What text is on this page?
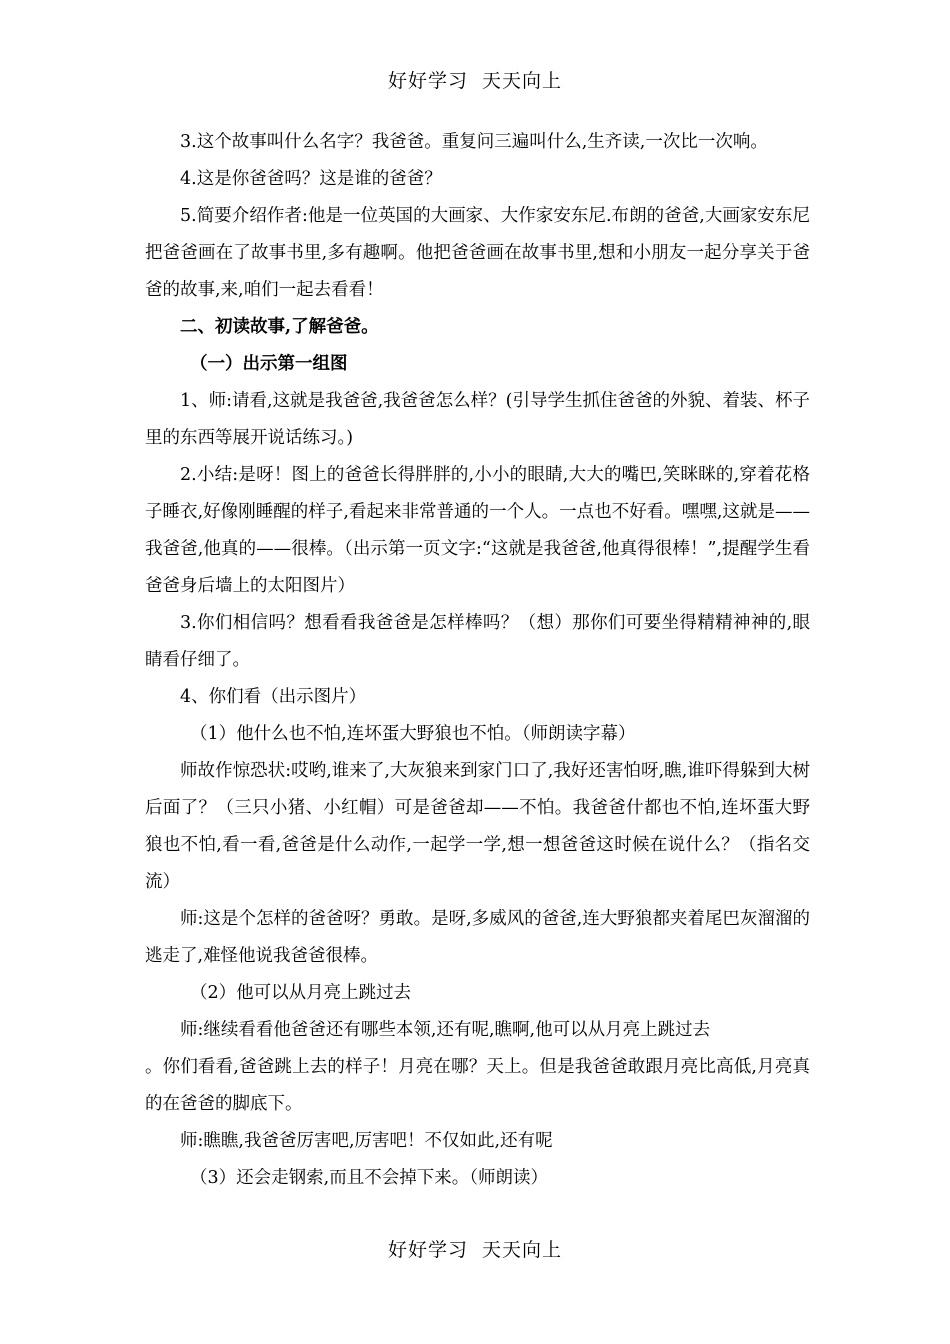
好好学习  天天向上

3.这个故事叫什么名字？我爸爸。重复问三遍叫什么,生齐读,一次比一次响。

4.这是你爸爸吗？这是谁的爸爸？

5.简要介绍作者:他是一位英国的大画家、大作家安东尼.布朗的爸爸,大画家安东尼把爸爸画在了故事书里,多有趣啊。他把爸爸画在故事书里,想和小朋友一起分享关于爸爸的故事,来,咱们一起去看看！

二、初读故事,了解爸爸。

（一）出示第一组图

1、师:请看,这就是我爸爸,我爸爸怎么样？(引导学生抓住爸爸的外貌、着装、杯子里的东西等展开说话练习。)

2.小结:是呀！图上的爸爸长得胖胖的,小小的眼睛,大大的嘴巴,笑眯眯的,穿着花格子睡衣,好像刚睡醒的样子,看起来非常普通的一个人。一点也不好看。嘿嘿,这就是——我爸爸,他真的——很棒。（出示第一页文字:“这就是我爸爸,他真得很棒！”,提醒学生看爸爸身后墙上的太阳图片）

3.你们相信吗？想看看我爸爸是怎样棒吗？（想）那你们可要坐得精精神神的,眼睛看仔细了。

4、你们看（出示图片）

（1）他什么也不怕,连坏蛋大野狼也不怕。（师朗读字幕）

师故作惊恐状:哎哟,谁来了,大灰狼来到家门口了,我好还害怕呀,瞧,谁吓得躲到大树后面了？（三只小猪、小红帽）可是爸爸却——不怕。我爸爸什都也不怕,连坏蛋大野狼也不怕,看一看,爸爸是什么动作,一起学一学,想一想爸爸这时候在说什么？（指名交流）

师:这是个怎样的爸爸呀？勇敢。是呀,多威风的爸爸,连大野狼都夹着尾巴灰溜溜的逃走了,难怪他说我爸爸很棒。

（2）他可以从月亮上跳过去

师:继续看看他爸爸还有哪些本领,还有呢,瞧啊,他可以从月亮上跳过去

。你们看看,爸爸跳上去的样子！月亮在哪？天上。但是我爸爸敢跟月亮比高低,月亮真的在爸爸的脚底下。

师:瞧瞧,我爸爸厉害吧,厉害吧！不仅如此,还有呢

（3）还会走钢索,而且不会掉下来。（师朗读）

好好学习  天天向上
